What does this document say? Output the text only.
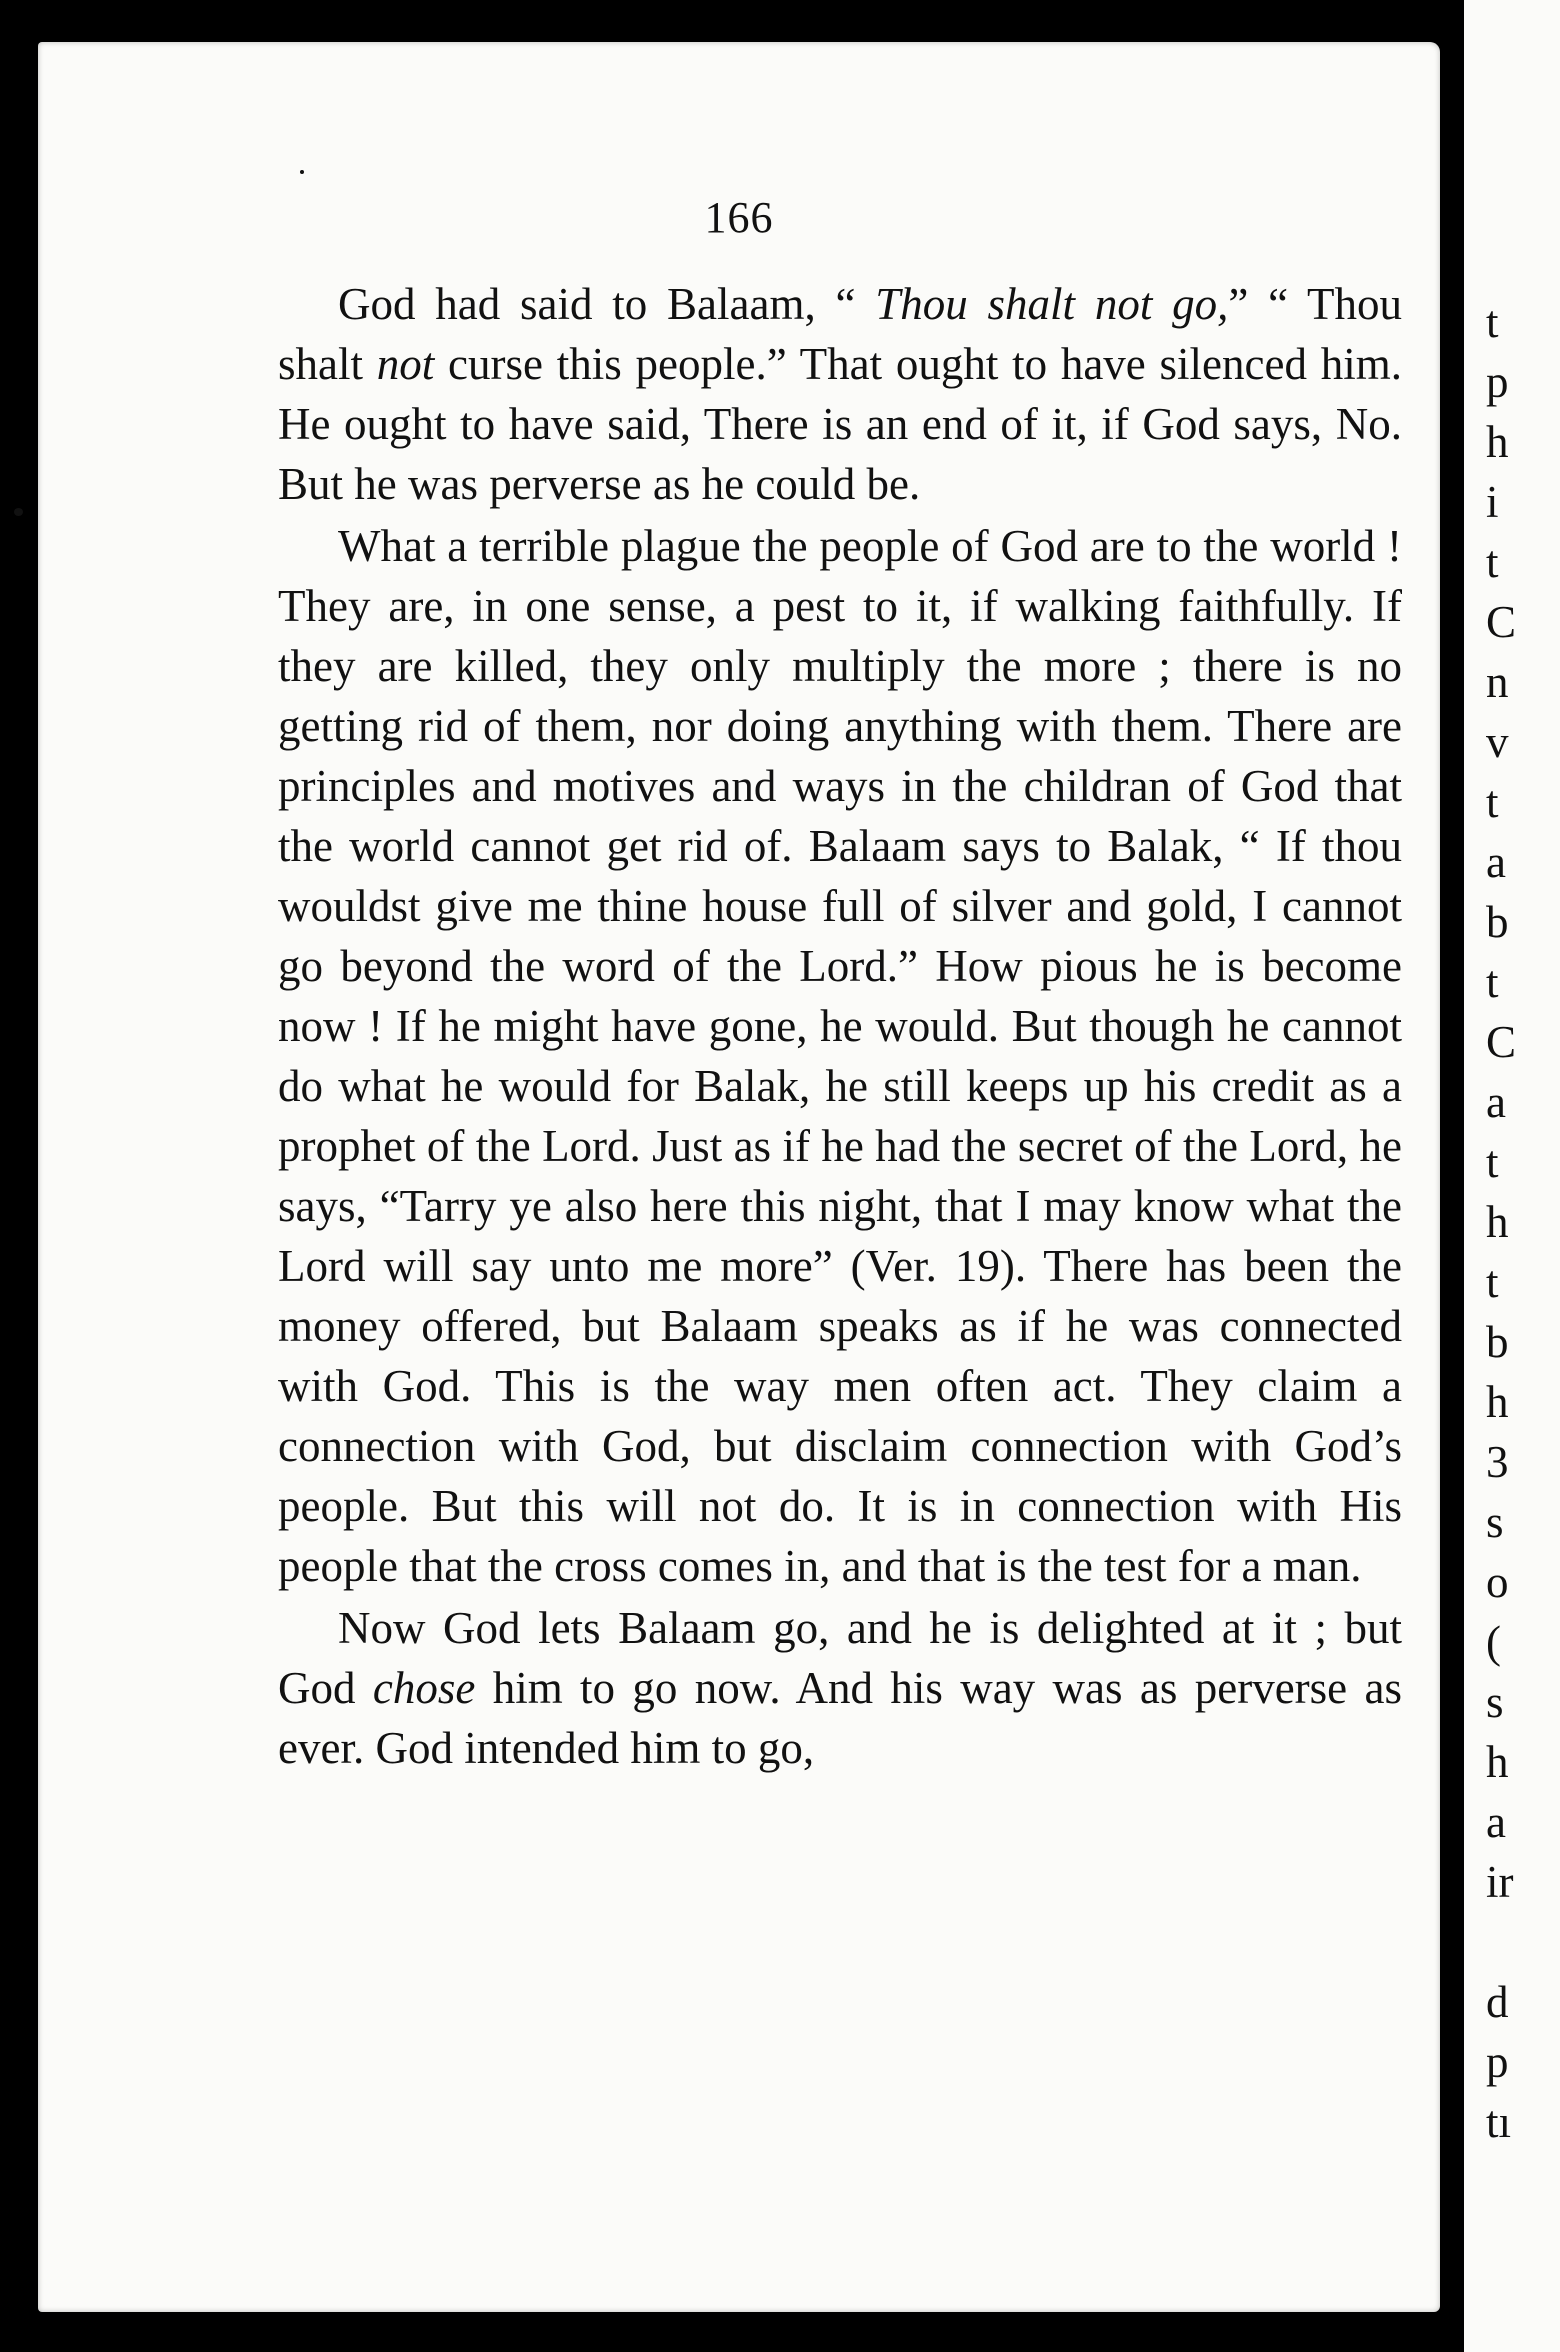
166

God had said to Balaam, “ Thou shalt not go,” “ Thou shalt not curse this people.” That ought to have silenced him. He ought to have said, There is an end of it, if God says, No. But he was perverse as he could be.

What a terrible plague the people of God are to the world ! They are, in one sense, a pest to it, if walking faithfully. If they are killed, they only multiply the more ; there is no getting rid of them, nor doing anything with them. There are principles and motives and ways in the childran of God that the world cannot get rid of. Balaam says to Balak, “ If thou wouldst give me thine house full of silver and gold, I cannot go beyond the word of the Lord.” How pious he is become now ! If he might have gone, he would. But though he cannot do what he would for Balak, he still keeps up his credit as a prophet of the Lord. Just as if he had the secret of the Lord, he says, “Tarry ye also here this night, that I may know what the Lord will say unto me more” (Ver. 19). There has been the money offered, but Balaam speaks as if he was connected with God. This is the way men often act. They claim a connection with God, but disclaim connection with God’s people. But this will not do. It is in connection with His people that the cross comes in, and that is the test for a man.

Now God lets Balaam go, and he is delighted at it ; but God chose him to go now. And his way was as perverse as ever. God intended him to go,

t
p
h
i
t
C
n
v
t
a
b
t
C
a
t
h
t
b
h
3
s
o
(
s
h
a
ir
d
p
tı
